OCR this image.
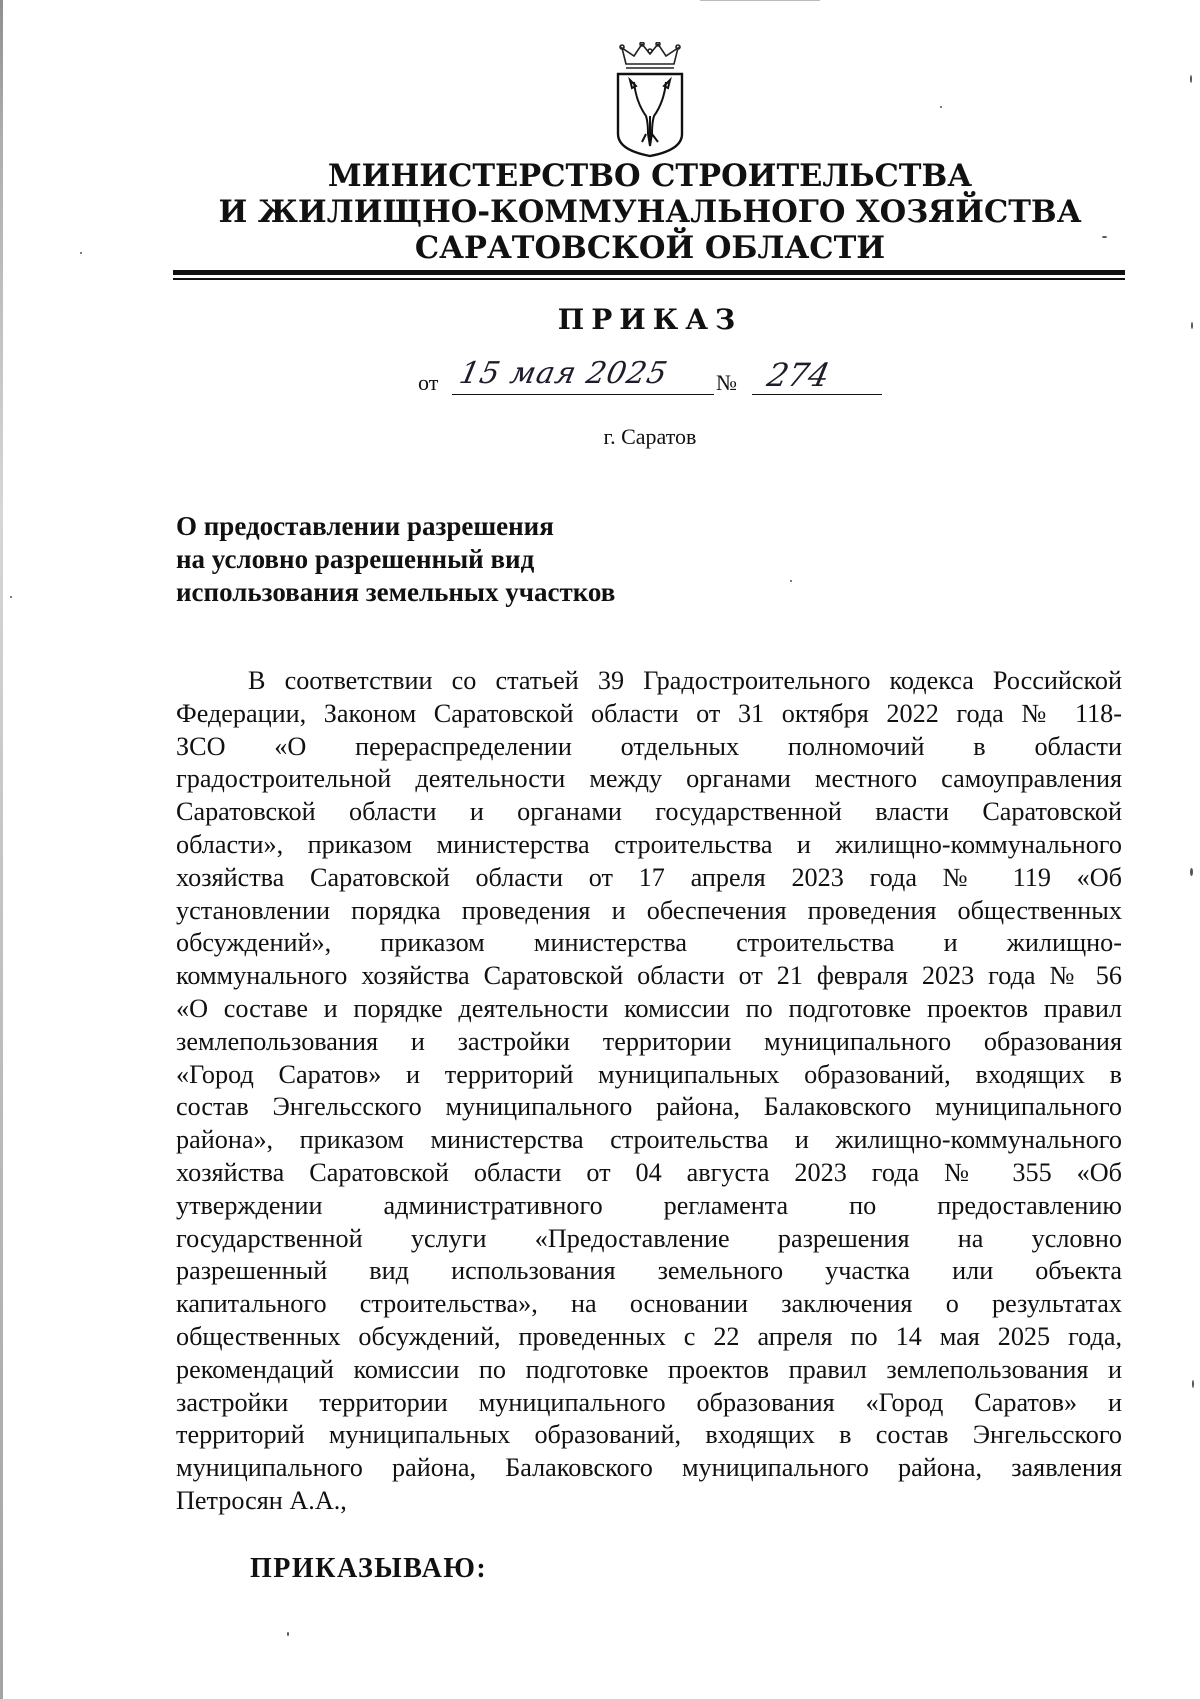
МИНИСТЕРСТВО СТРОИТЕЛЬСТВА
И ЖИЛИЩНО-КОММУНАЛЬНОГО ХОЗЯЙСТВА
САРАТОВСКОЙ ОБЛАСТИ
ПРИКАЗ
от 15 мая 2025 № 274
г. Саратов
О предоставлении разрешения
на условно разрешенный вид
использования земельных участков
В соответствии со статьей 39 Градостроительного кодекса Российской
Федерации, Законом Саратовской области от 31 октября 2022 года № 118-
ЗСО «О перераспределении отдельных полномочий в области
градостроительной деятельности между органами местного самоуправления
Саратовской области и органами государственной власти Саратовской
области», приказом министерства строительства и жилищно-коммунального
хозяйства Саратовской области от 17 апреля 2023 года № 119 «Об
установлении порядка проведения и обеспечения проведения общественных
обсуждений», приказом министерства строительства и жилищно-
коммунального хозяйства Саратовской области от 21 февраля 2023 года № 56
«О составе и порядке деятельности комиссии по подготовке проектов правил
землепользования и застройки территории муниципального образования
«Город Саратов» и территорий муниципальных образований, входящих в
состав Энгельсского муниципального района, Балаковского муниципального
района», приказом министерства строительства и жилищно-коммунального
хозяйства Саратовской области от 04 августа 2023 года № 355 «Об
утверждении административного регламента по предоставлению
государственной услуги «Предоставление разрешения на условно
разрешенный вид использования земельного участка или объекта
капитального строительства», на основании заключения о результатах
общественных обсуждений, проведенных с 22 апреля по 14 мая 2025 года,
рекомендаций комиссии по подготовке проектов правил землепользования и
застройки территории муниципального образования «Город Саратов» и
территорий муниципальных образований, входящих в состав Энгельсского
муниципального района, Балаковского муниципального района, заявления
Петросян А.А.,
ПРИКАЗЫВАЮ:
